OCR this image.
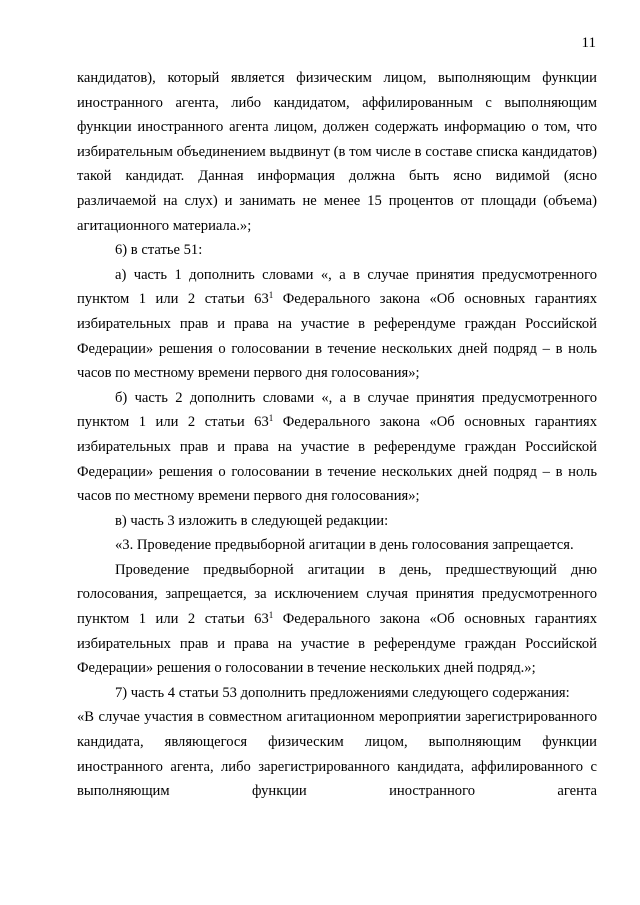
11

кандидатов), который является физическим лицом, выполняющим функции иностранного агента, либо кандидатом, аффилированным с выполняющим функции иностранного агента лицом, должен содержать информацию о том, что избирательным объединением выдвинут (в том числе в составе списка кандидатов) такой кандидат. Данная информация должна быть ясно видимой (ясно различаемой на слух) и занимать не менее 15 процентов от площади (объема) агитационного материала.»;

6) в статье 51:

а) часть 1 дополнить словами «, а в случае принятия предусмотренного пунктом 1 или 2 статьи $63^1$ Федерального закона «Об основных гарантиях избирательных прав и права на участие в референдуме граждан Российской Федерации» решения о голосовании в течение нескольких дней подряд – в ноль часов по местному времени первого дня голосования»;

б) часть 2 дополнить словами «, а в случае принятия предусмотренного пунктом 1 или 2 статьи $63^1$ Федерального закона «Об основных гарантиях избирательных прав и права на участие в референдуме граждан Российской Федерации» решения о голосовании в течение нескольких дней подряд – в ноль часов по местному времени первого дня голосования»;

в) часть 3 изложить в следующей редакции:

«3. Проведение предвыборной агитации в день голосования запрещается.

Проведение предвыборной агитации в день, предшествующий дню голосования, запрещается, за исключением случая принятия предусмотренного пунктом 1 или 2 статьи $63^1$ Федерального закона «Об основных гарантиях избирательных прав и права на участие в референдуме граждан Российской Федерации» решения о голосовании в течение нескольких дней подряд.»;

7) часть 4 статьи 53 дополнить предложениями следующего содержания:

«В случае участия в совместном агитационном мероприятии зарегистрированного кандидата, являющегося физическим лицом, выполняющим функции иностранного агента, либо зарегистрированного кандидата, аффилированного с выполняющим функции иностранного агента
